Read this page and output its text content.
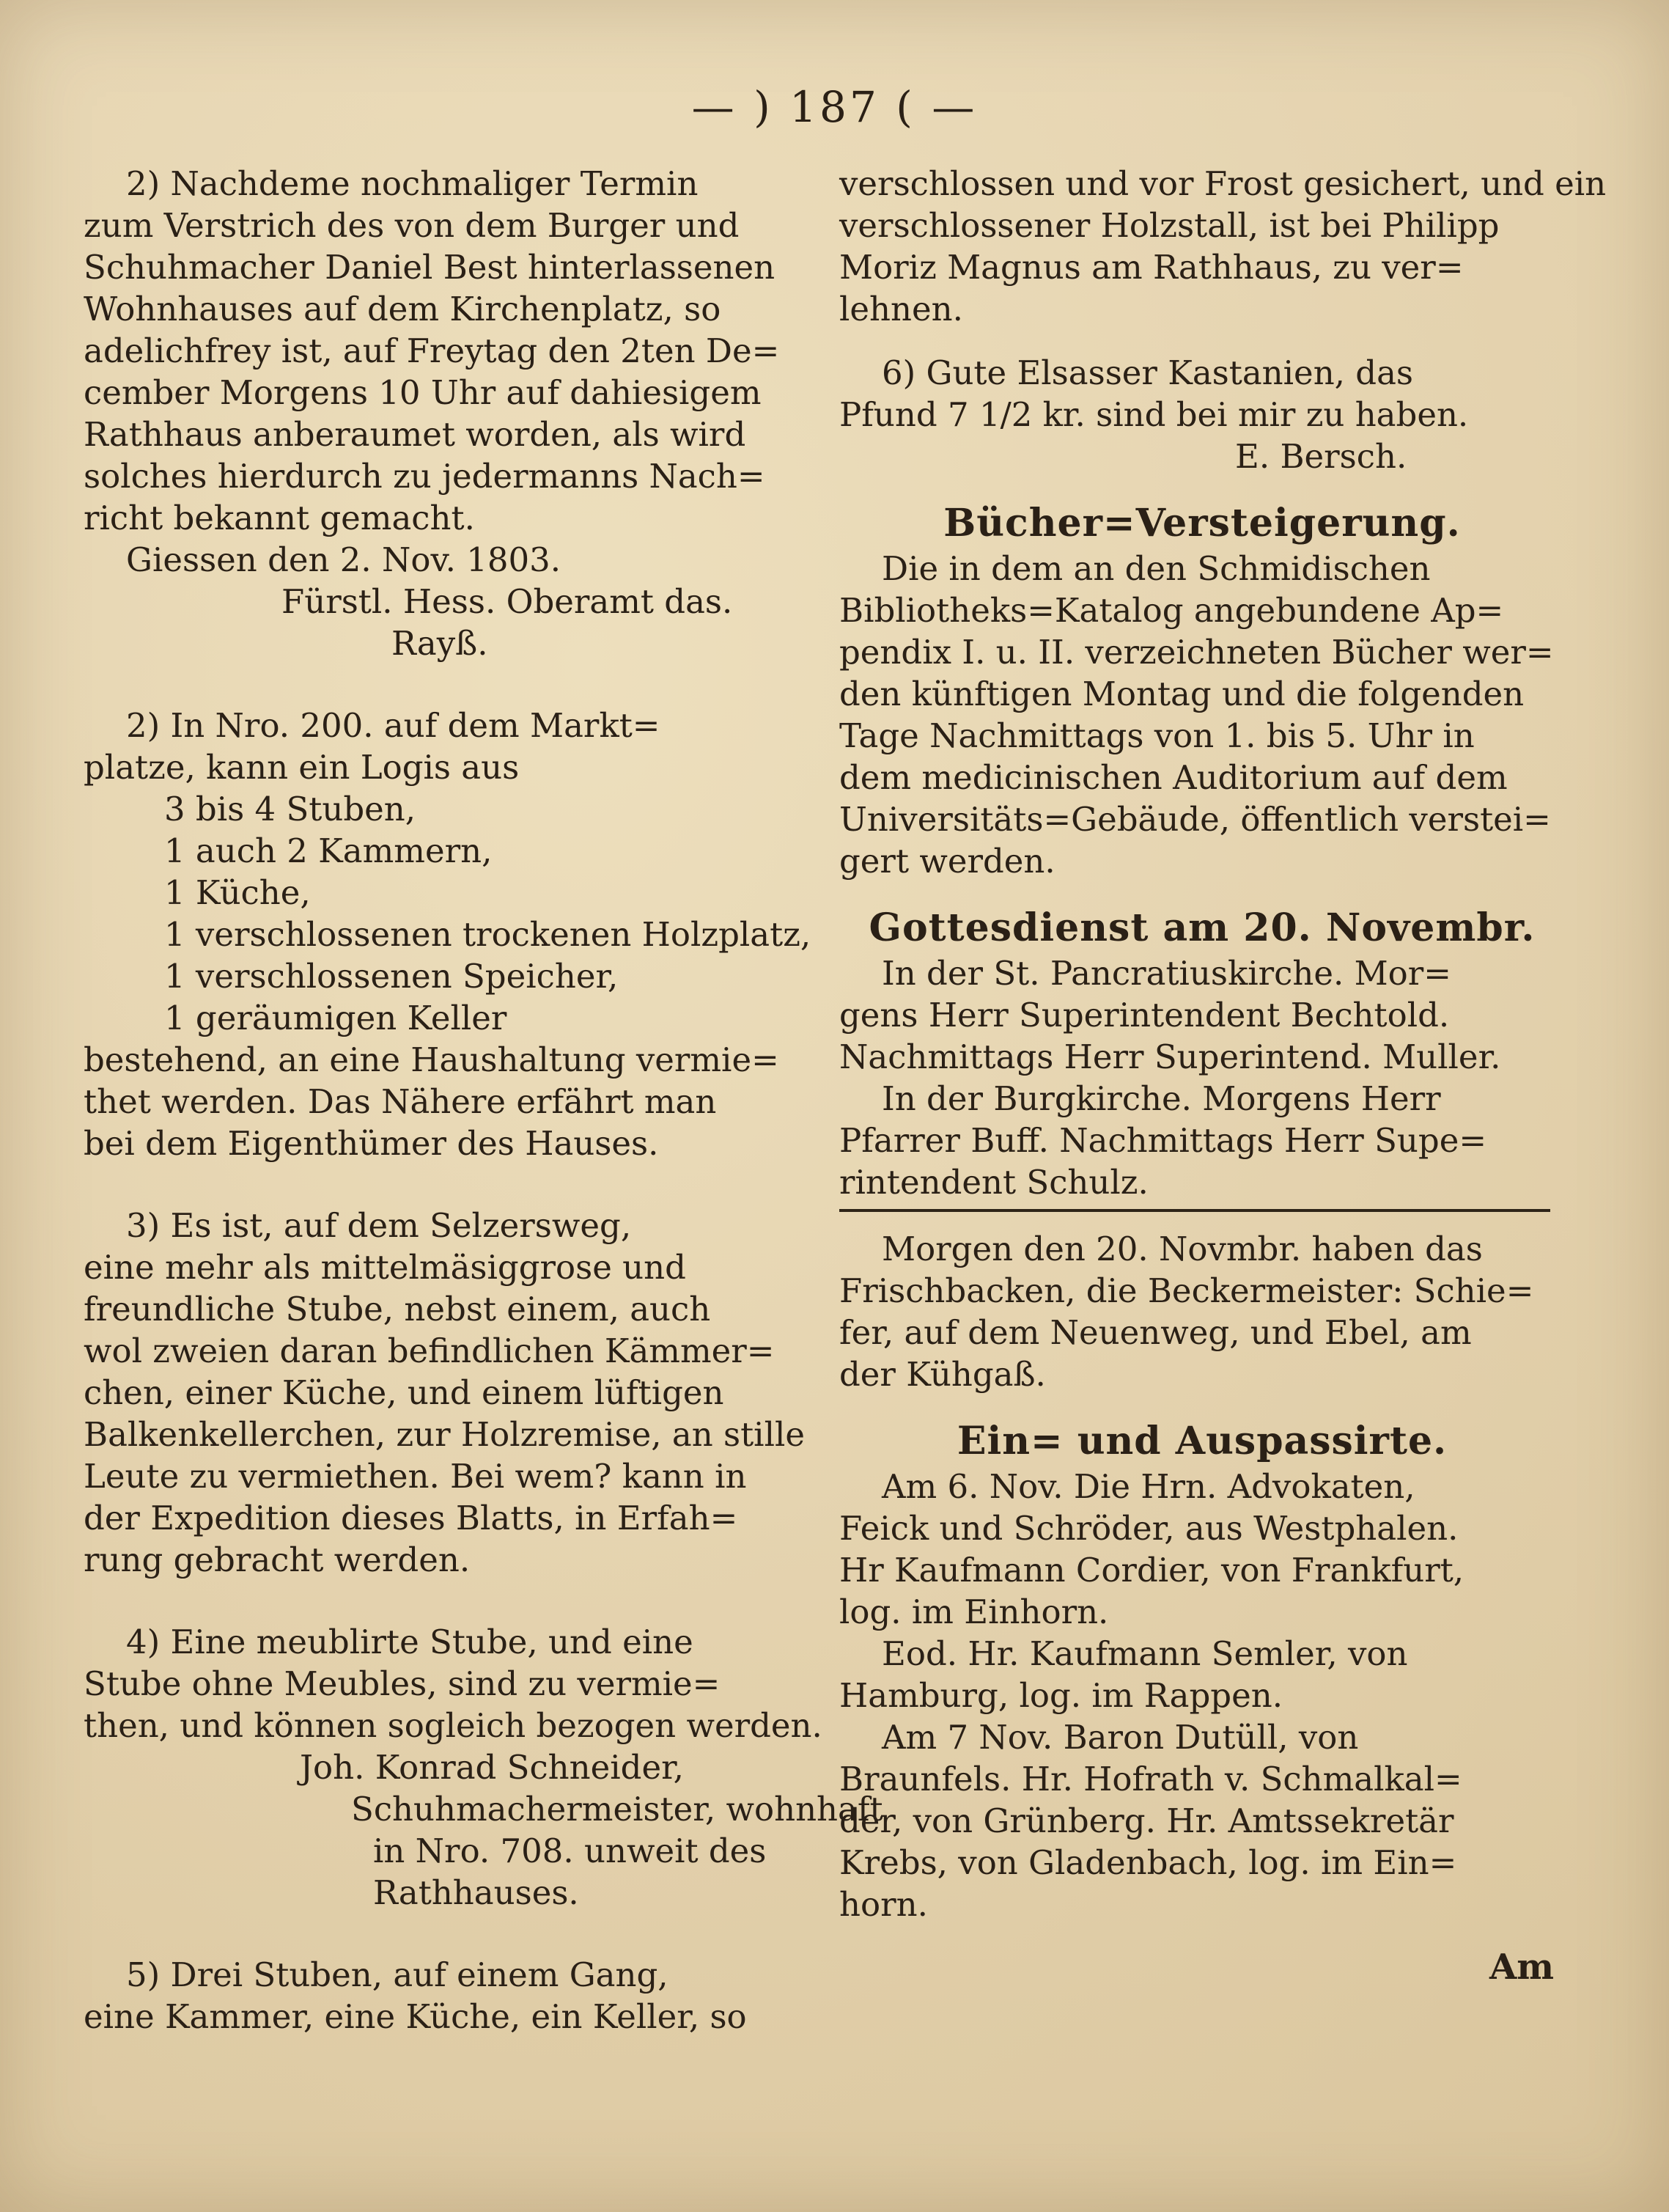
— ) 187 ( —
2) Nachdeme nochmaliger Termin
zum Verstrich des von dem Burger und
Schuhmacher Daniel Best hinterlassenen
Wohnhauses auf dem Kirchenplatz, so
adelichfrey ist, auf Freytag den 2ten De=
cember Morgens 10 Uhr auf dahiesigem
Rathhaus anberaumet worden, als wird
solches hierdurch zu jedermanns Nach=
richt bekannt gemacht.
Giessen den 2. Nov. 1803.
Fürstl. Hess. Oberamt das.
Rayß.
2) In Nro. 200. auf dem Markt=
platze, kann ein Logis aus
3 bis 4 Stuben,
1 auch 2 Kammern,
1 Küche,
1 verschlossenen trockenen Holzplatz,
1 verschlossenen Speicher,
1 geräumigen Keller
bestehend, an eine Haushaltung vermie=
thet werden. Das Nähere erfährt man
bei dem Eigenthümer des Hauses.
3) Es ist, auf dem Selzersweg,
eine mehr als mittelmäsiggrose und
freundliche Stube, nebst einem, auch
wol zweien daran befindlichen Kämmer=
chen, einer Küche, und einem lüftigen
Balkenkellerchen, zur Holzremise, an stille
Leute zu vermiethen. Bei wem? kann in
der Expedition dieses Blatts, in Erfah=
rung gebracht werden.
4) Eine meublirte Stube, und eine
Stube ohne Meubles, sind zu vermie=
then, und können sogleich bezogen werden.
Joh. Konrad Schneider,
Schuhmachermeister, wohnhaft
in Nro. 708. unweit des
Rathhauses.
5) Drei Stuben, auf einem Gang,
eine Kammer, eine Küche, ein Keller, so
verschlossen und vor Frost gesichert, und ein
verschlossener Holzstall, ist bei Philipp
Moriz Magnus am Rathhaus, zu ver=
lehnen.
6) Gute Elsasser Kastanien, das
Pfund 7 1/2 kr. sind bei mir zu haben.
E. Bersch.
Bücher=Versteigerung.
Die in dem an den Schmidischen
Bibliotheks=Katalog angebundene Ap=
pendix I. u. II. verzeichneten Bücher wer=
den künftigen Montag und die folgenden
Tage Nachmittags von 1. bis 5. Uhr in
dem medicinischen Auditorium auf dem
Universitäts=Gebäude, öffentlich verstei=
gert werden.
Gottesdienst am 20. Novembr.
In der St. Pancratiuskirche. Mor=
gens Herr Superintendent Bechtold.
Nachmittags Herr Superintend. Muller.
In der Burgkirche. Morgens Herr
Pfarrer Buff. Nachmittags Herr Supe=
rintendent Schulz.
Morgen den 20. Novmbr. haben das
Frischbacken, die Beckermeister: Schie=
fer, auf dem Neuenweg, und Ebel, am
der Kühgaß.
Ein= und Auspassirte.
Am 6. Nov. Die Hrn. Advokaten,
Feick und Schröder, aus Westphalen.
Hr Kaufmann Cordier, von Frankfurt,
log. im Einhorn.
Eod. Hr. Kaufmann Semler, von
Hamburg, log. im Rappen.
Am 7 Nov. Baron Dutüll, von
Braunfels. Hr. Hofrath v. Schmalkal=
der, von Grünberg. Hr. Amtssekretär
Krebs, von Gladenbach, log. im Ein=
horn.
Am
